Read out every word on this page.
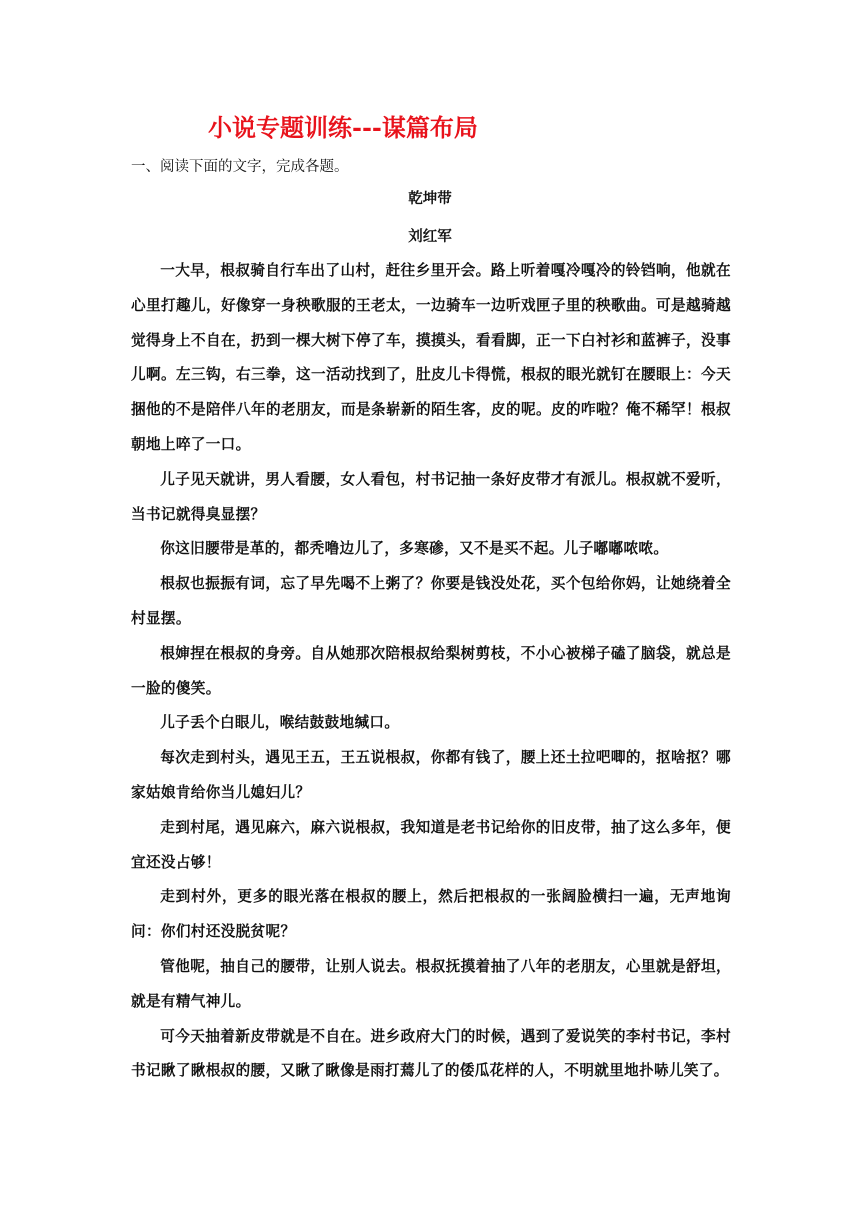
小说专题训练---谋篇布局
一、阅读下面的文字，完成各题。
乾坤带
刘红军

一大早，根叔骑自行车出了山村，赶往乡里开会。路上听着嘎冷嘎冷的铃铛响，他就在心里打趣儿，好像穿一身秧歌服的王老太，一边骑车一边听戏匣子里的秧歌曲。可是越骑越觉得身上不自在，扔到一棵大树下停了车，摸摸头，看看脚，正一下白衬衫和蓝裤子，没事儿啊。左三钩，右三拳，这一活动找到了，肚皮儿卡得慌，根叔的眼光就钉在腰眼上：今天捆他的不是陪伴八年的老朋友，而是条崭新的陌生客，皮的呢。皮的咋啦？俺不稀罕！根叔朝地上啐了一口。

儿子见天就讲，男人看腰，女人看包，村书记抽一条好皮带才有派儿。根叔就不爱听，当书记就得臭显摆？

你这旧腰带是革的，都秃噜边儿了，多寒碜，又不是买不起。儿子嘟嘟哝哝。

根叔也振振有词，忘了早先喝不上粥了？你要是钱没处花，买个包给你妈，让她绕着全村显摆。

根婶捏在根叔的身旁。自从她那次陪根叔给梨树剪枝，不小心被梯子磕了脑袋，就总是一脸的傻笑。

儿子丢个白眼儿，喉结鼓鼓地缄口。

每次走到村头，遇见王五，王五说根叔，你都有钱了，腰上还土拉吧唧的，抠啥抠？哪家姑娘肯给你当儿媳妇儿？

走到村尾，遇见麻六，麻六说根叔，我知道是老书记给你的旧皮带，抽了这么多年，便宜还没占够！

走到村外，更多的眼光落在根叔的腰上，然后把根叔的一张阔脸横扫一遍，无声地询问：你们村还没脱贫呢？

管他呢，抽自己的腰带，让别人说去。根叔抚摸着抽了八年的老朋友，心里就是舒坦，就是有精气神儿。

可今天抽着新皮带就是不自在。进乡政府大门的时候，遇到了爱说笑的李村书记，李村书记瞅了瞅根叔的腰，又瞅了瞅像是雨打蔫儿了的倭瓜花样的人，不明就里地扑哧儿笑了。
